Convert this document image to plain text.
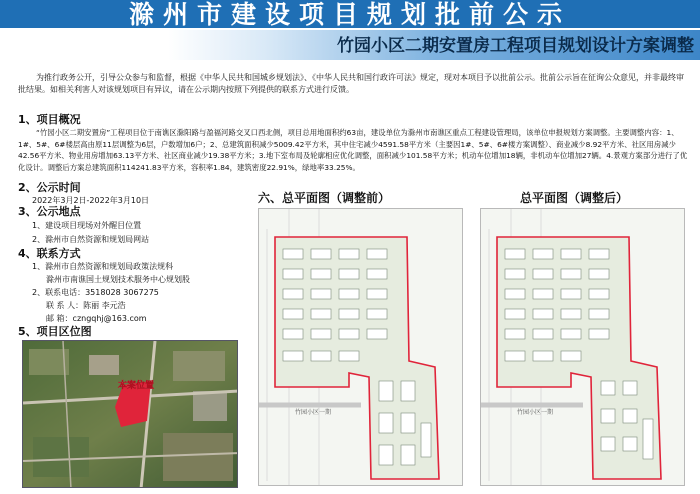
滁州市建设项目规划批前公示
竹园小区二期安置房工程项目规划设计方案调整
为推行政务公开，引导公众参与和监督，根据《中华人民共和国城乡规划法》、《中华人民共和国行政许可法》规定，现对本项目予以批前公示。批前公示旨在征询公众意见，并非最终审批结果。如相关利害人对该规划项目有异议，请在公示期内按照下列提供的联系方式进行反馈。
1、项目概况
“竹园小区二期安置房”工程项目位于南谯区滁阳路与盈福河路交叉口西北侧，项目总用地面积约63亩，建设单位为滁州市南谯区重点工程建设管理局，该单位申报规划方案调整。主要调整内容：1、1#、5#、6#楼层高由原11层调整为6层，户数增加6户；2、总建筑面积减少5009.42平方米，其中住宅减少4591.58平方米（主要因1#、5#、6#楼方案调整）、商业减少8.92平方米、社区用房减少42.56平方米、物业用房增加63.13平方米、社区商业减少19.38平方米；3.地下室布局及轮廓相应优化调整，面积减少101.58平方米；机动车位增加18辆，非机动车位增加27辆。4.景观方案部分进行了优化设计。调整后方案总建筑面积114241.83平方米，容积率1.84，建筑密度22.91%，绿地率33.25%。
2、公示时间
2022年3月2日-2022年3月10日
3、公示地点
1、建设项目现场对外醒目位置
2、滁州市自然资源和规划局网站
4、联系方式
1、滁州市自然资源和规划局政策法规科
滁州市南谯国土规划技术服务中心规划股
2、联系电话：3518028 3067275
联 系 人：陈丽 李元浩
邮 箱：czngqhj@163.com
5、项目区位图
本案位置
六、总平面图（调整前）
竹园小区一期
总平面图（调整后）
竹园小区一期
